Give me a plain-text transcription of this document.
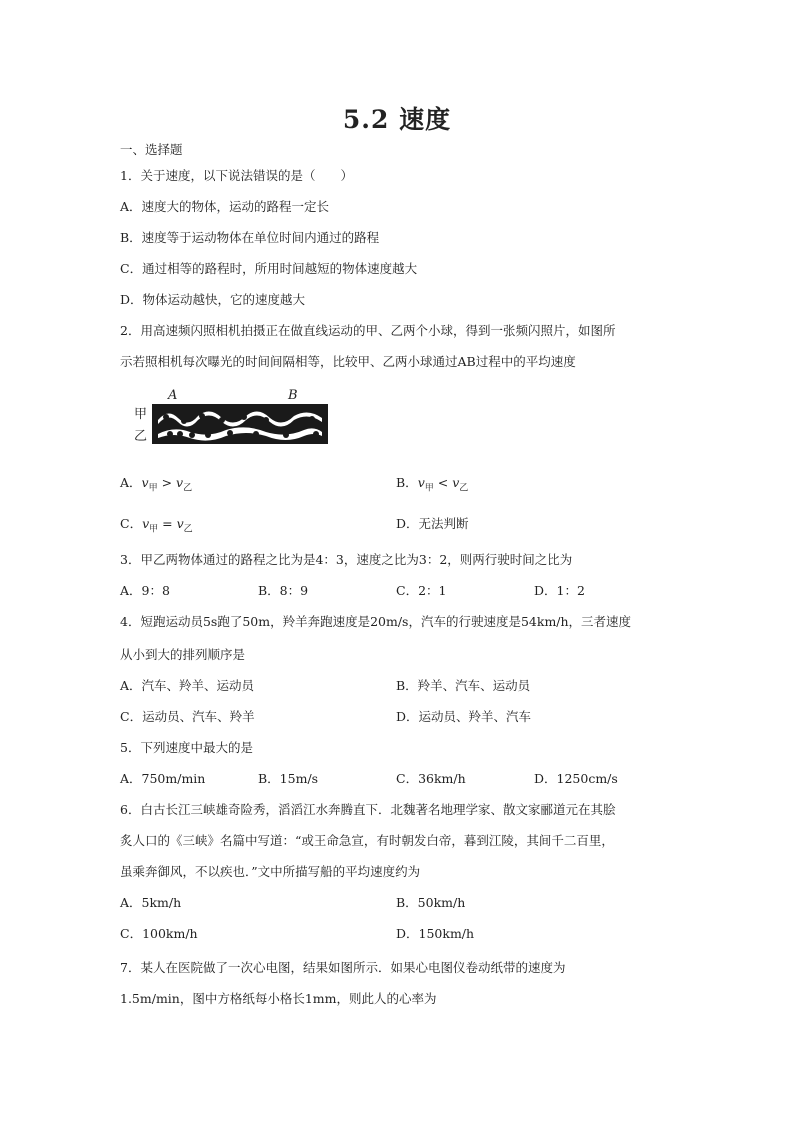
5.2 速度
一、选择题
1．关于速度，以下说法错误的是（　　）
A．速度大的物体，运动的路程一定长
B．速度等于运动物体在单位时间内通过的路程
C．通过相等的路程时，所用时间越短的物体速度越大
D．物体运动越快，它的速度越大
2．用高速频闪照相机拍摄正在做直线运动的甲、乙两个小球，得到一张频闪照片，如图所
示若照相机每次曝光的时间间隔相等，比较甲、乙两小球通过AB过程中的平均速度
A	B
甲
乙
A．$v_甲 > v_乙$	B．$v_甲 < v_乙$
C．$v_甲 = v_乙$	D．无法判断
3．甲乙两物体通过的路程之比为是4：3，速度之比为3：2，则两行驶时间之比为
A．9：8	B．8：9	C．2：1	D．1：2
4．短跑运动员5s跑了50m，羚羊奔跑速度是20m/s，汽车的行驶速度是54km/h，三者速度
从小到大的排列顺序是
A．汽车、羚羊、运动员	B．羚羊、汽车、运动员
C．运动员、汽车、羚羊	D．运动员、羚羊、汽车
5．下列速度中最大的是
A．750m/min	B．15m/s	C．36km/h	D．1250cm/s
6．白古长江三峡雄奇险秀，滔滔江水奔腾直下．北魏著名地理学家、散文家郦道元在其脍
炙人口的《三峡》名篇中写道：“或王命急宣，有时朝发白帝，暮到江陵，其间千二百里，
虽乘奔御风，不以疾也．”文中所描写船的平均速度约为
A．5km/h	B．50km/h
C．100km/h	D．150km/h
7．某人在医院做了一次心电图，结果如图所示．如果心电图仪卷动纸带的速度为
1.5m/min，图中方格纸每小格长1mm，则此人的心率为
